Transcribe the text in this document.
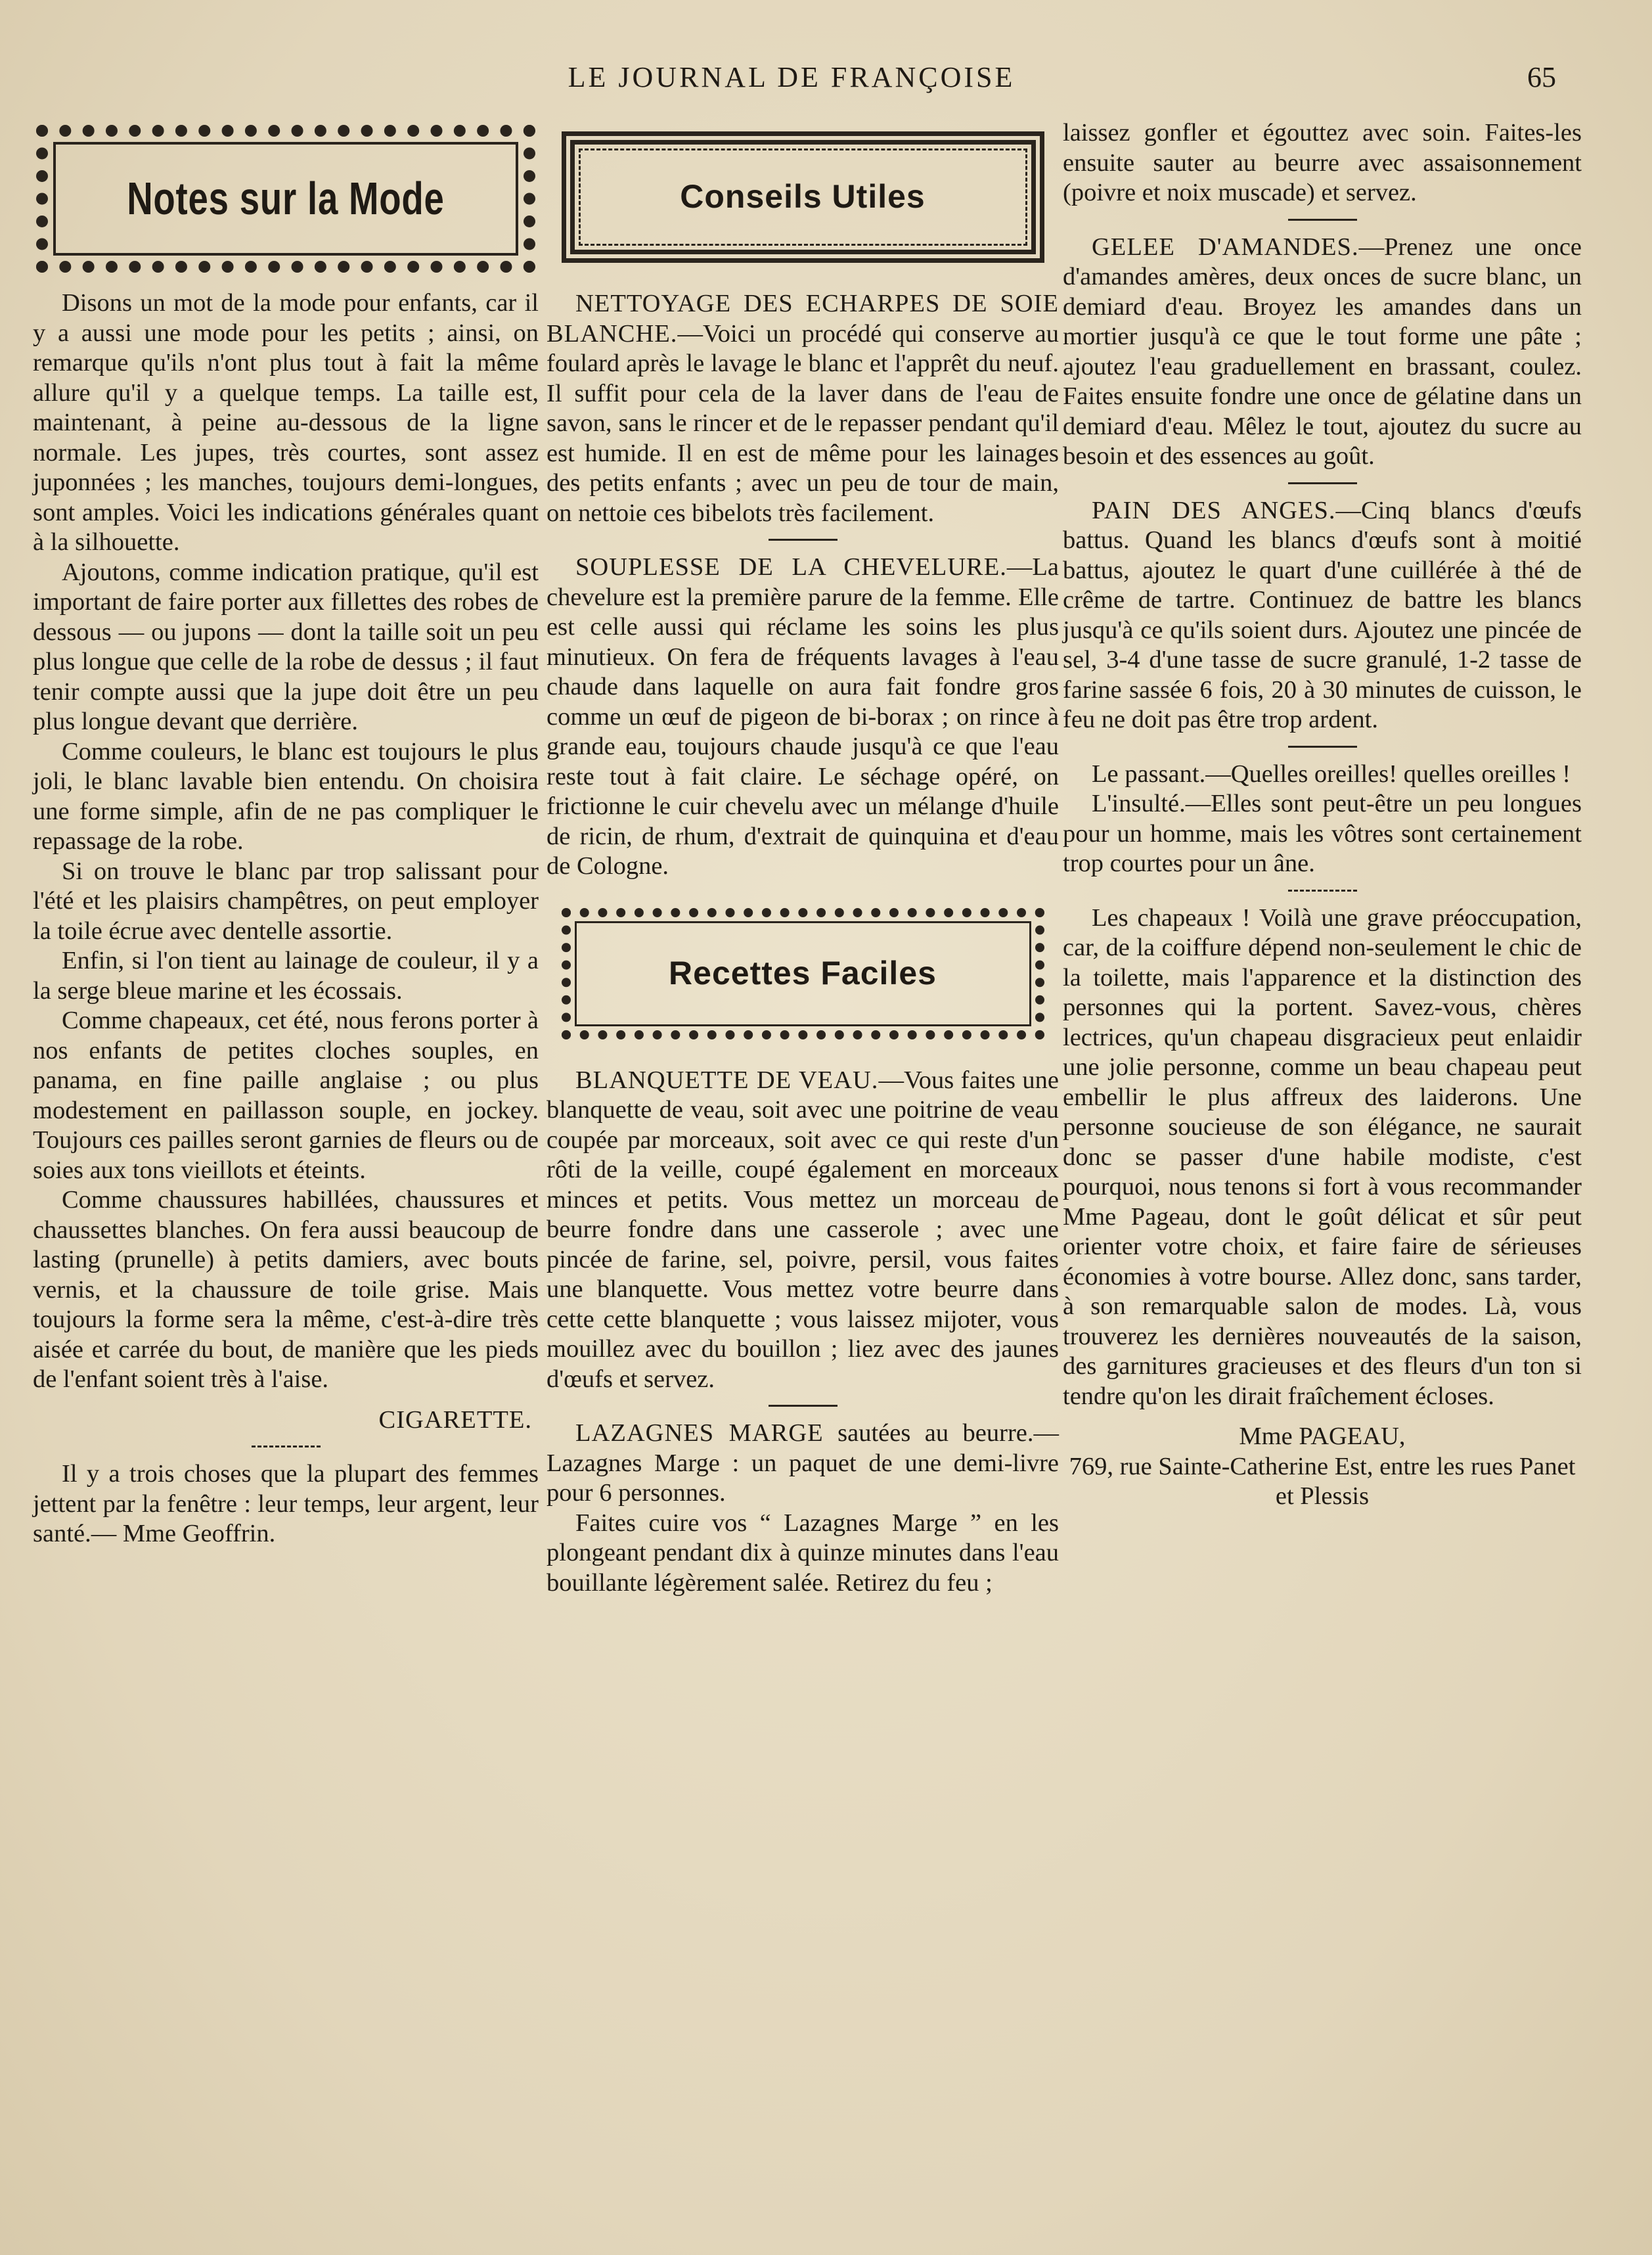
LE JOURNAL DE FRANÇOISE	65
Notes sur la Mode

Disons un mot de la mode pour enfants, car il y a aussi une mode pour les petits ; ainsi, on remarque qu'ils n'ont plus tout à fait la même allure qu'il y a quelque temps. La taille est, maintenant, à peine au-dessous de la ligne normale. Les jupes, très courtes, sont assez juponnées ; les manches, toujours demi-longues, sont amples. Voici les indications générales quant à la silhouette.

Ajoutons, comme indication pratique, qu'il est important de faire porter aux fillettes des robes de dessous — ou jupons — dont la taille soit un peu plus longue que celle de la robe de dessus ; il faut tenir compte aussi que la jupe doit être un peu plus longue devant que derrière.

Comme couleurs, le blanc est toujours le plus joli, le blanc lavable bien entendu. On choisira une forme simple, afin de ne pas compliquer le repassage de la robe.

Si on trouve le blanc par trop salissant pour l'été et les plaisirs champêtres, on peut employer la toile écrue avec dentelle assortie.

Enfin, si l'on tient au lainage de couleur, il y a la serge bleue marine et les écossais.

Comme chapeaux, cet été, nous ferons porter à nos enfants de petites cloches souples, en panama, en fine paille anglaise ; ou plus modestement en paillasson souple, en jockey. Toujours ces pailles seront garnies de fleurs ou de soies aux tons vieillots et éteints.

Comme chaussures habillées, chaussures et chaussettes blanches. On fera aussi beaucoup de lasting (prunelle) à petits damiers, avec bouts vernis, et la chaussure de toile grise. Mais toujours la forme sera la même, c'est-à-dire très aisée et carrée du bout, de manière que les pieds de l'enfant soient très à l'aise.

CIGARETTE.

Il y a trois choses que la plupart des femmes jettent par la fenêtre : leur temps, leur argent, leur santé.— Mme Geoffrin.

Conseils Utiles

NETTOYAGE DES ECHARPES DE SOIE BLANCHE.—Voici un procédé qui conserve au foulard après le lavage le blanc et l'apprêt du neuf. Il suffit pour cela de la laver dans de l'eau de savon, sans le rincer et de le repasser pendant qu'il est humide. Il en est de même pour les lainages des petits enfants ; avec un peu de tour de main, on nettoie ces bibelots très facilement.

SOUPLESSE DE LA CHEVELURE.—La chevelure est la première parure de la femme. Elle est celle aussi qui réclame les soins les plus minutieux. On fera de fréquents lavages à l'eau chaude dans laquelle on aura fait fondre gros comme un œuf de pigeon de bi-borax ; on rince à grande eau, toujours chaude jusqu'à ce que l'eau reste tout à fait claire. Le séchage opéré, on frictionne le cuir chevelu avec un mélange d'huile de ricin, de rhum, d'extrait de quinquina et d'eau de Cologne.

Recettes Faciles

BLANQUETTE DE VEAU.—Vous faites une blanquette de veau, soit avec une poitrine de veau coupée par morceaux, soit avec ce qui reste d'un rôti de la veille, coupé également en morceaux minces et petits. Vous mettez un morceau de beurre fondre dans une casserole ; avec une pincée de farine, sel, poivre, persil, vous faites une blanquette. Vous mettez votre beurre dans cette cette blanquette ; vous laissez mijoter, vous mouillez avec du bouillon ; liez avec des jaunes d'œufs et servez.

LAZAGNES MARGE sautées au beurre.—Lazagnes Marge : un paquet de une demi-livre pour 6 personnes.

Faites cuire vos “ Lazagnes Marge ” en les plongeant pendant dix à quinze minutes dans l'eau bouillante légèrement salée. Retirez du feu ;

laissez gonfler et égouttez avec soin. Faites-les ensuite sauter au beurre avec assaisonnement (poivre et noix muscade) et servez.

GELEE D'AMANDES.—Prenez une once d'amandes amères, deux onces de sucre blanc, un demiard d'eau. Broyez les amandes dans un mortier jusqu'à ce que le tout forme une pâte ; ajoutez l'eau graduellement en brassant, coulez. Faites ensuite fondre une once de gélatine dans un demiard d'eau. Mêlez le tout, ajoutez du sucre au besoin et des essences au goût.

PAIN DES ANGES.—Cinq blancs d'œufs battus. Quand les blancs d'œufs sont à moitié battus, ajoutez le quart d'une cuillérée à thé de crême de tartre. Continuez de battre les blancs jusqu'à ce qu'ils soient durs. Ajoutez une pincée de sel, 3-4 d'une tasse de sucre granulé, 1-2 tasse de farine sassée 6 fois, 20 à 30 minutes de cuisson, le feu ne doit pas être trop ardent.

Le passant.—Quelles oreilles! quelles oreilles !

L'insulté.—Elles sont peut-être un peu longues pour un homme, mais les vôtres sont certainement trop courtes pour un âne.

Les chapeaux ! Voilà une grave préoccupation, car, de la coiffure dépend non-seulement le chic de la toilette, mais l'apparence et la distinction des personnes qui la portent. Savez-vous, chères lectrices, qu'un chapeau disgracieux peut enlaidir une jolie personne, comme un beau chapeau peut embellir le plus affreux des laiderons. Une personne soucieuse de son élégance, ne saurait donc se passer d'une habile modiste, c'est pourquoi, nous tenons si fort à vous recommander Mme Pageau, dont le goût délicat et sûr peut orienter votre choix, et faire faire de sérieuses économies à votre bourse. Allez donc, sans tarder, à son remarquable salon de modes. Là, vous trouverez les dernières nouveautés de la saison, des garnitures gracieuses et des fleurs d'un ton si tendre qu'on les dirait fraîchement écloses.

Mme PAGEAU,

769, rue Sainte-Catherine Est, entre les rues Panet et Plessis
